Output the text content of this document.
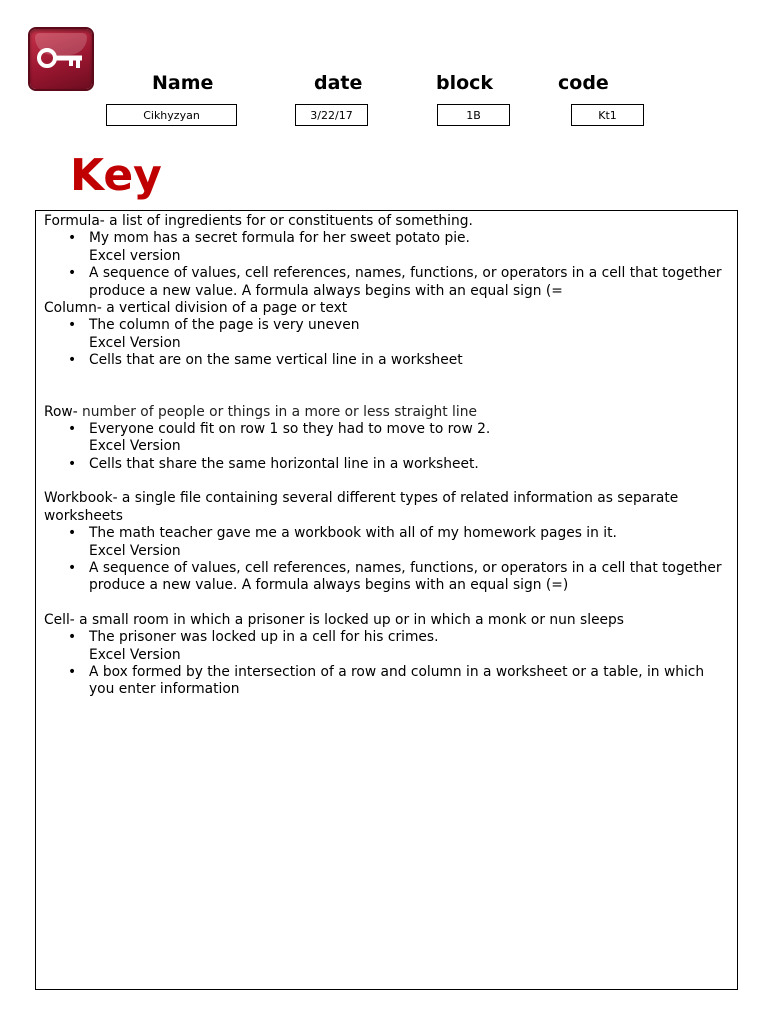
Name	date	block	code
Cikhyzyan	3/22/17	1B	Kt1
Key
Formula- a list of ingredients for or constituents of something.
• My mom has a secret formula for her sweet potato pie.
Excel version
• A sequence of values, cell references, names, functions, or operators in a cell that together produce a new value. A formula always begins with an equal sign (=
Column- a vertical division of a page or text
• The column of the page is very uneven
Excel Version
• Cells that are on the same vertical line in a worksheet
Row- number of people or things in a more or less straight line
• Everyone could fit on row 1 so they had to move to row 2.
Excel Version
• Cells that share the same horizontal line in a worksheet.
Workbook- a single file containing several different types of related information as separate worksheets
• The math teacher gave me a workbook with all of my homework pages in it.
Excel Version
• A sequence of values, cell references, names, functions, or operators in a cell that together produce a new value. A formula always begins with an equal sign (=)
Cell- a small room in which a prisoner is locked up or in which a monk or nun sleeps
• The prisoner was locked up in a cell for his crimes.
Excel Version
• A box formed by the intersection of a row and column in a worksheet or a table, in which you enter information
